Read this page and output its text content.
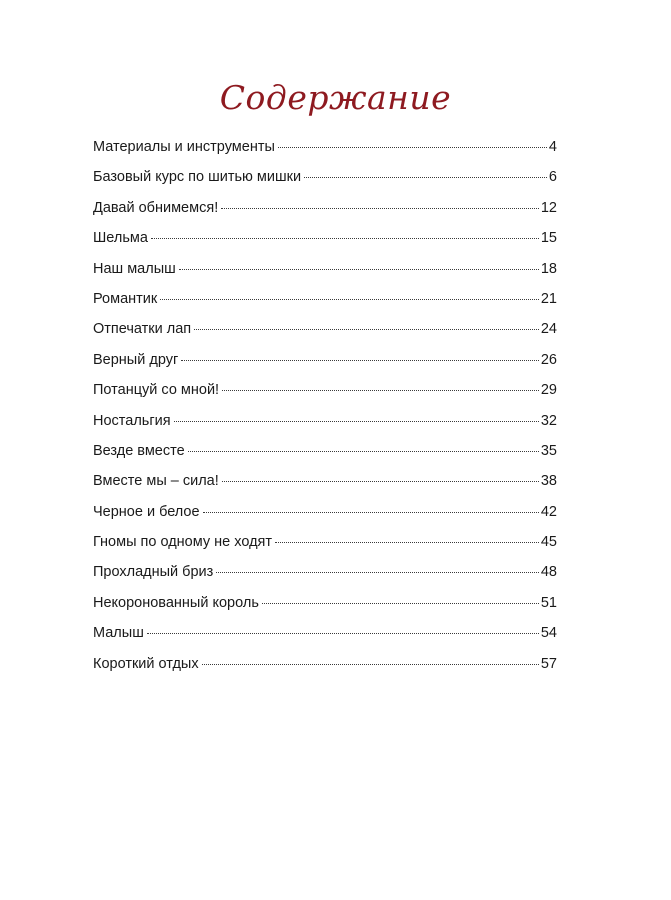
Содержание
Материалы и инструменты	4
Базовый курс по шитью мишки	6
Давай обнимемся!	12
Шельма	15
Наш малыш	18
Романтик	21
Отпечатки лап	24
Верный друг	26
Потанцуй со мной!	29
Ностальгия	32
Везде вместе	35
Вместе мы – сила!	38
Черное и белое	42
Гномы по одному не ходят	45
Прохладный бриз	48
Некоронованный король	51
Малыш	54
Короткий отдых	57
